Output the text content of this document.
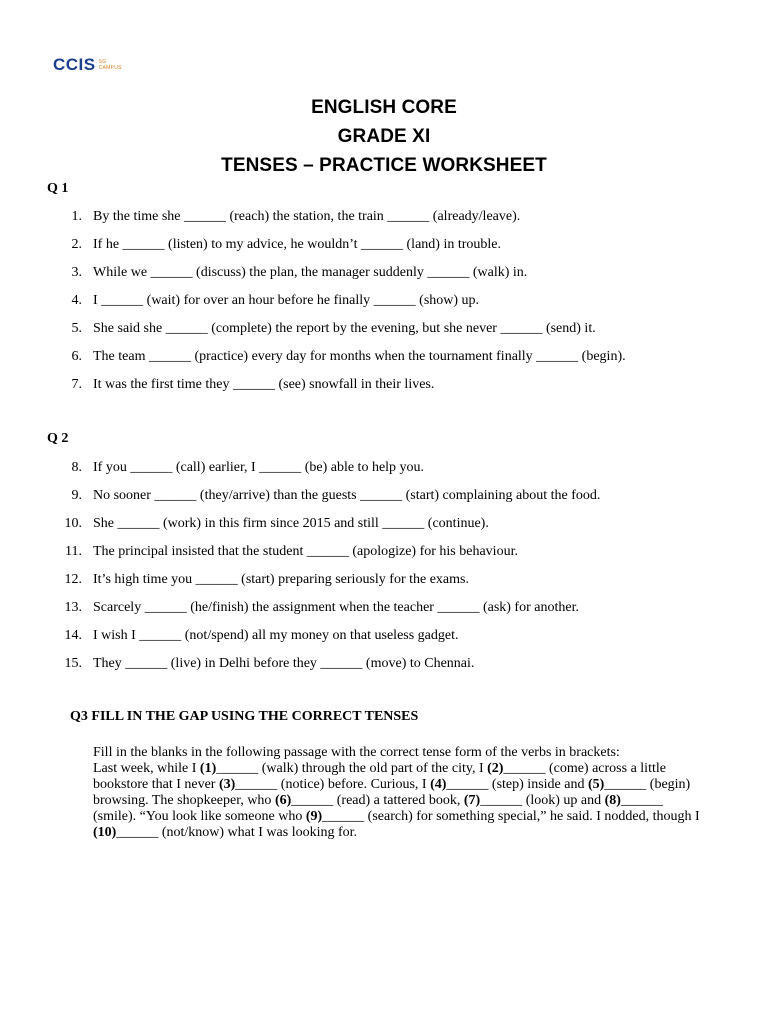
CCIS SG
CAMPUS
ENGLISH CORE
GRADE XI
TENSES – PRACTICE WORKSHEET
Q 1
1. By the time she ______ (reach) the station, the train ______ (already/leave).
2. If he ______ (listen) to my advice, he wouldn’t ______ (land) in trouble.
3. While we ______ (discuss) the plan, the manager suddenly ______ (walk) in.
4. I ______ (wait) for over an hour before he finally ______ (show) up.
5. She said she ______ (complete) the report by the evening, but she never ______ (send) it.
6. The team ______ (practice) every day for months when the tournament finally ______ (begin).
7. It was the first time they ______ (see) snowfall in their lives.
Q 2
8. If you ______ (call) earlier, I ______ (be) able to help you.
9. No sooner ______ (they/arrive) than the guests ______ (start) complaining about the food.
10. She ______ (work) in this firm since 2015 and still ______ (continue).
11. The principal insisted that the student ______ (apologize) for his behaviour.
12. It’s high time you ______ (start) preparing seriously for the exams.
13. Scarcely ______ (he/finish) the assignment when the teacher ______ (ask) for another.
14. I wish I ______ (not/spend) all my money on that useless gadget.
15. They ______ (live) in Delhi before they ______ (move) to Chennai.
Q3 FILL IN THE GAP USING THE CORRECT TENSES

Fill in the blanks in the following passage with the correct tense form of the verbs in brackets:

Last week, while I (1)______ (walk) through the old part of the city, I (2)______ (come) across a little bookstore that I never (3)______ (notice) before. Curious, I (4)______ (step) inside and (5)______ (begin) browsing. The shopkeeper, who (6)______ (read) a tattered book, (7)______ (look) up and (8)______ (smile). “You look like someone who (9)______ (search) for something special,” he said. I nodded, though I (10)______ (not/know) what I was looking for.
